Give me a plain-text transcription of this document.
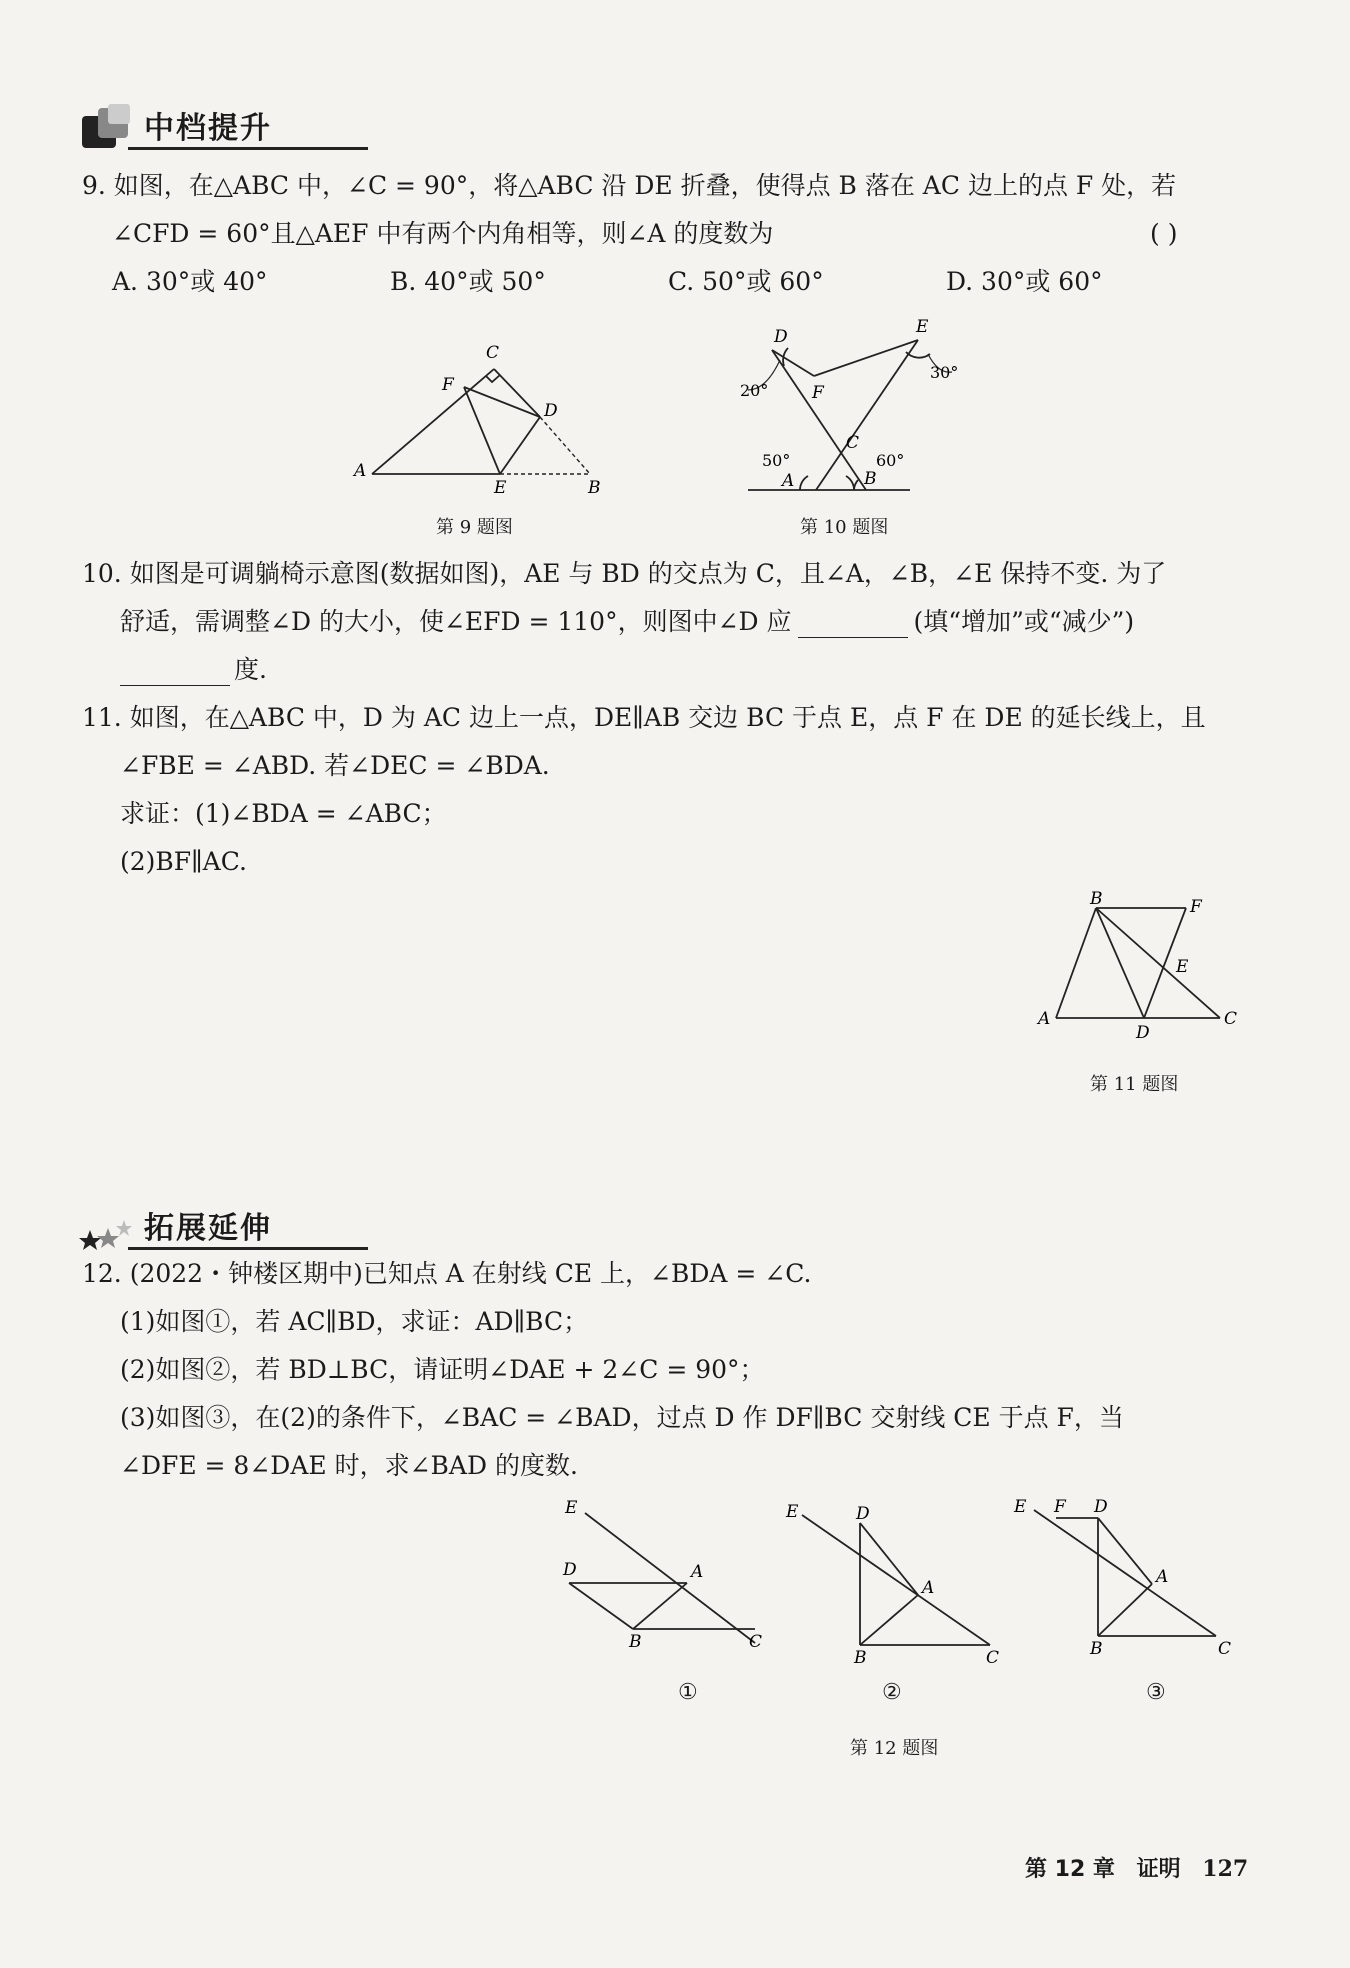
中档提升
9. 如图，在△ABC 中，∠C = 90°，将△ABC 沿 DE 折叠，使得点 B 落在 AC 边上的点 F 处，若
∠CFD = 60°且△AEF 中有两个内角相等，则∠A 的度数为	( )
A. 30°或 40°	B. 40°或 50°	C. 50°或 60°	D. 30°或 60°
A
B
C
D
E
F
第 9 题图
D	E
F
C
A	B
20°
30°
50°	60°
第 10 题图
10. 如图是可调躺椅示意图(数据如图)，AE 与 BD 的交点为 C，且∠A，∠B，∠E 保持不变. 为了
舒适，需调整∠D 的大小，使∠EFD = 110°，则图中∠D 应	(填“增加”或“减少”)
度.
11. 如图，在△ABC 中，D 为 AC 边上一点，DE∥AB 交边 BC 于点 E，点 F 在 DE 的延长线上，且
∠FBE = ∠ABD. 若∠DEC = ∠BDA.
求证：(1)∠BDA = ∠ABC；
(2)BF∥AC.
B	F
E
A
D
C
第 11 题图
拓展延伸
12. (2022・钟楼区期中)已知点 A 在射线 CE 上，∠BDA = ∠C.
(1)如图①，若 AC∥BD，求证：AD∥BC；
(2)如图②，若 BD⊥BC，请证明∠DAE + 2∠C = 90°；
(3)如图③，在(2)的条件下，∠BAC = ∠BAD，过点 D 作 DF∥BC 交射线 CE 于点 F，当
∠DFE = 8∠DAE 时，求∠BAD 的度数.
E
D	A
B	C
①
E	D
A
B	C
②
E F D
A
B	C
③
第 12 题图
第 12 章 证明 127
